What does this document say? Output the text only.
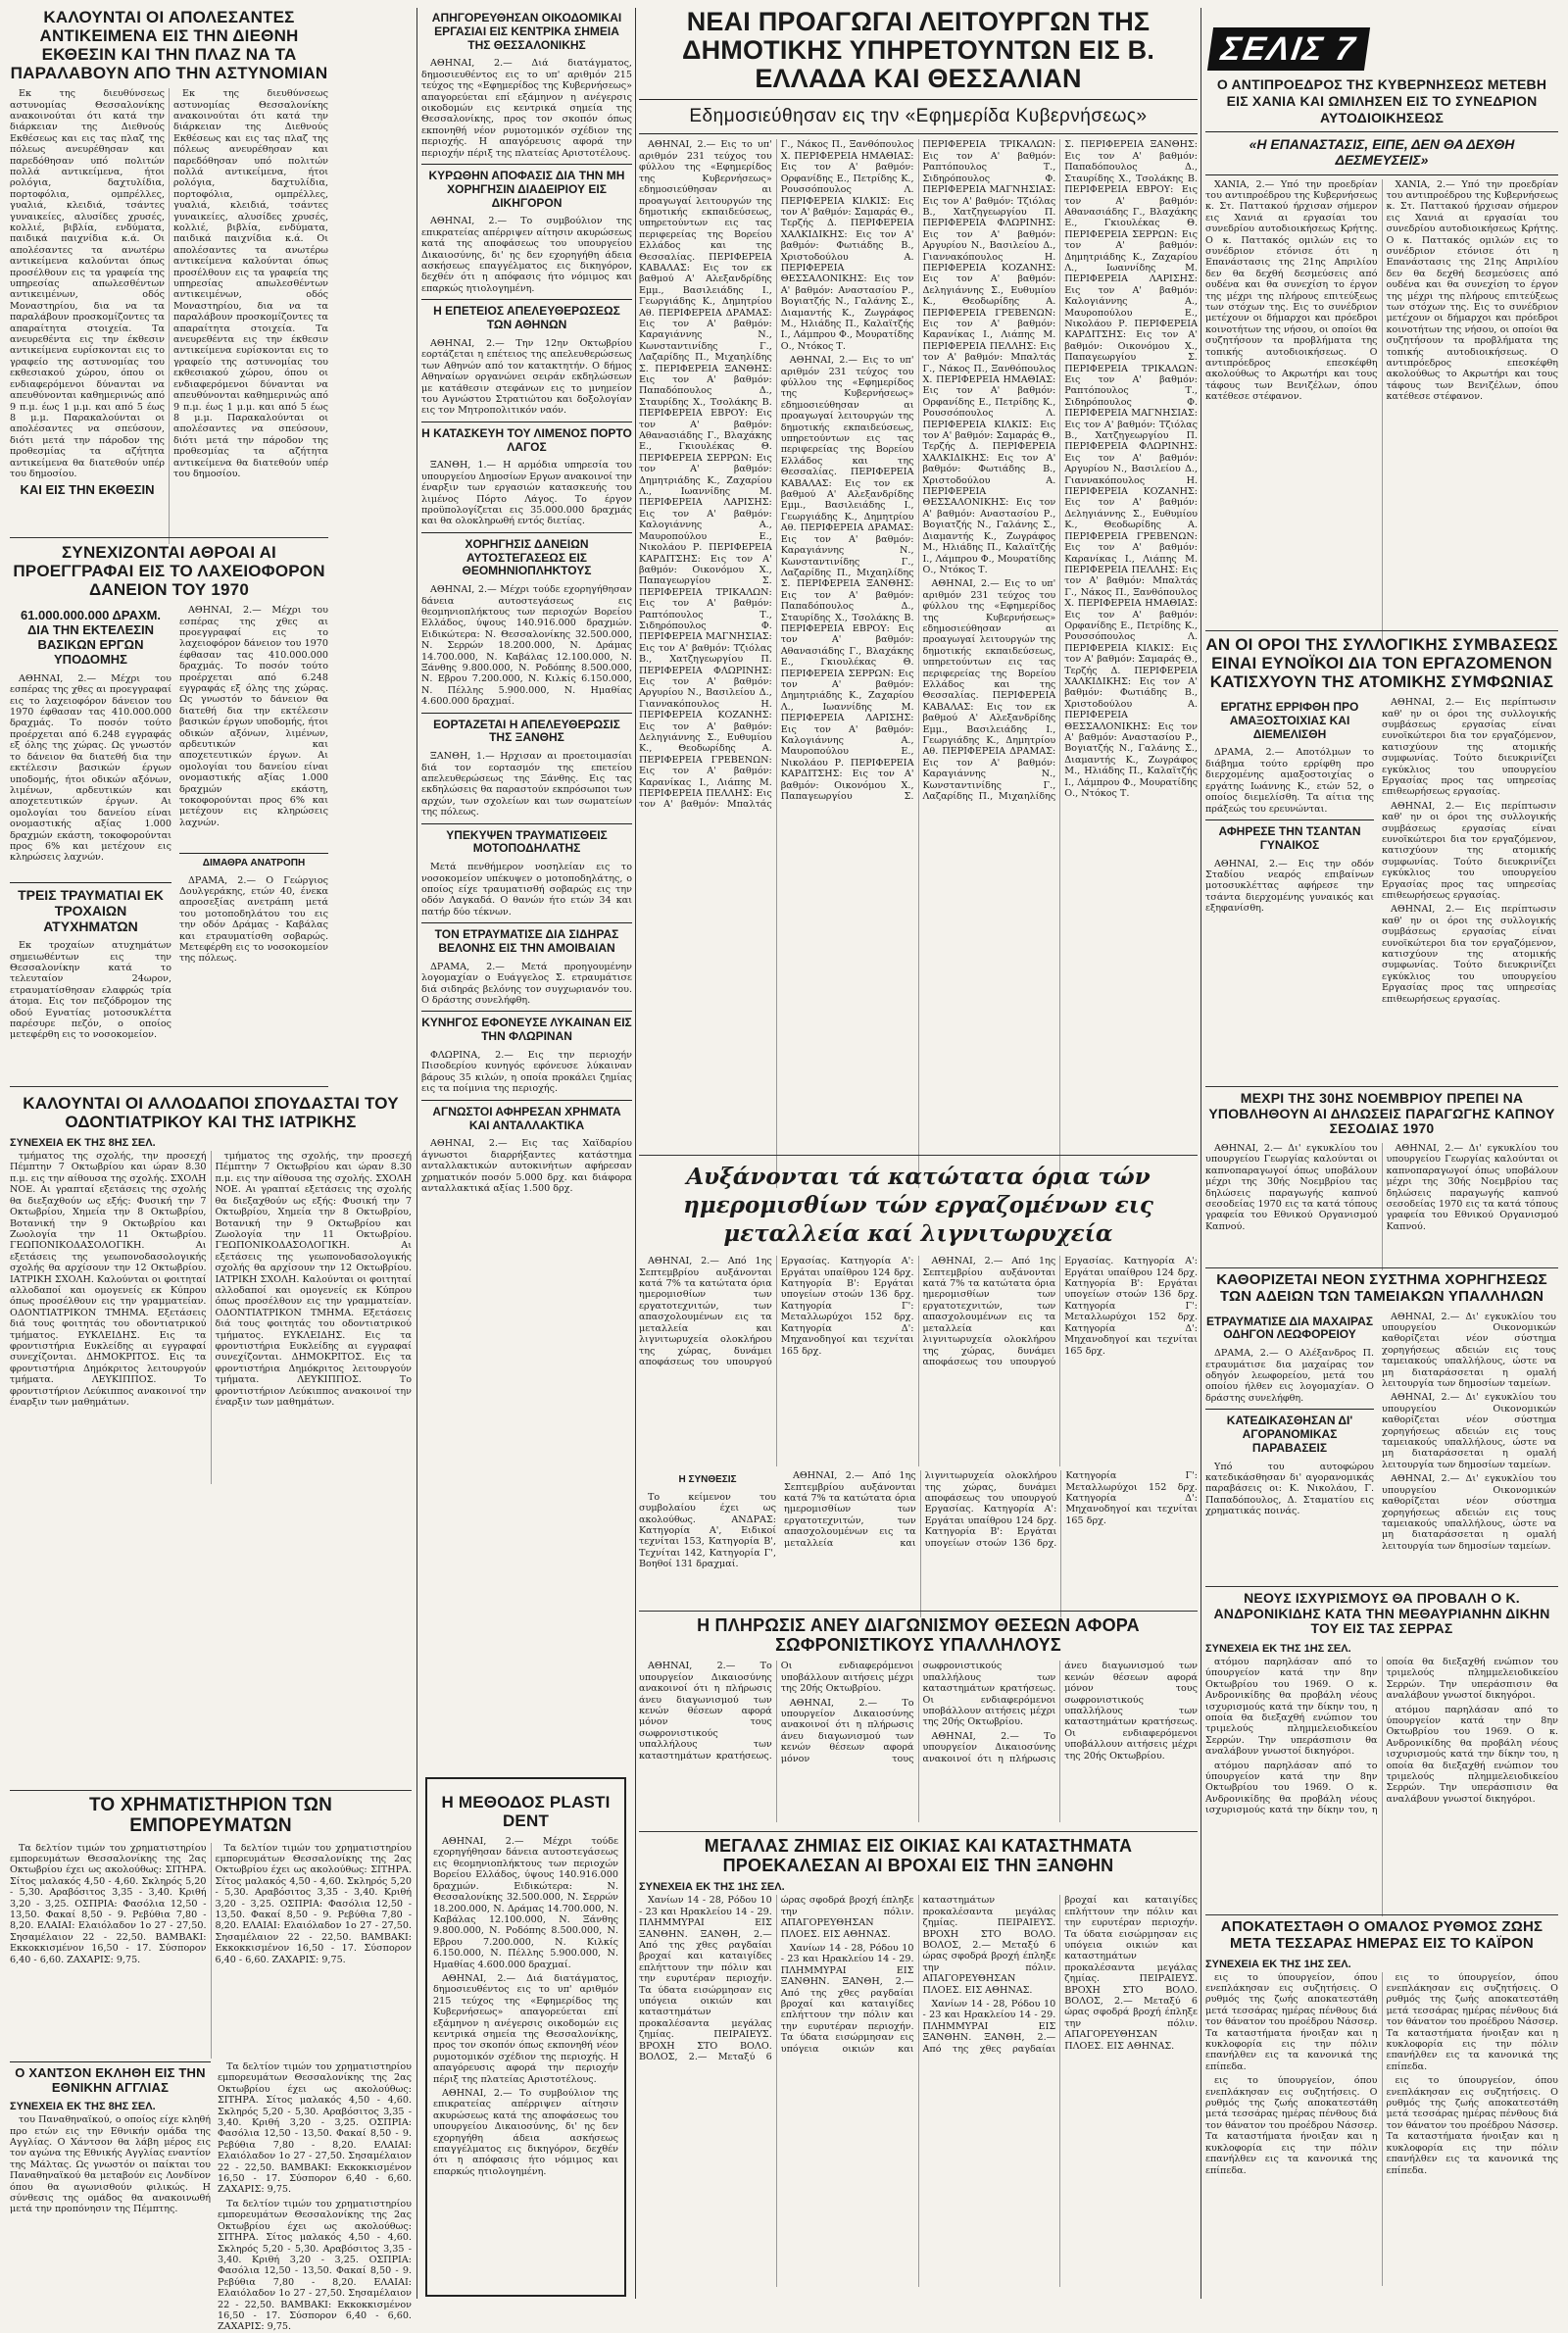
ΚΑΛΟΥΝΤΑΙ ΟΙ ΑΠΟΛΕΣΑΝΤΕΣ ΑΝΤΙΚΕΙΜΕΝΑ ΕΙΣ ΤΗΝ ΔΙΕΘΝΗ ΕΚΘΕΣΙΝ ΚΑΙ ΤΗΝ ΠΛΑΖ ΝΑ ΤΑ ΠΑΡΑΛΑΒΟΥΝ ΑΠΟ ΤΗΝ ΑΣΤΥΝΟΜΙΑΝ

Εκ της διευθύνσεως αστυνομίας Θεσσαλονίκης ανακοινούται ότι κατά την διάρκειαν της Διεθνούς Εκθέσεως και εις τας πλαζ της πόλεως ανευρέθησαν και παρεδόθησαν υπό πολιτών πολλά αντικείμενα, ήτοι ρολόγια, δαχτυλίδια, πορτοφόλια, ομπρέλλες, γυαλιά, κλειδιά, τσάντες γυναικείες, αλυσίδες χρυσές, κολλιέ, βιβλία, ενδύματα, παιδικά παιχνίδια κ.ά. Οι απολέσαντες τα ανωτέρω αντικείμενα καλούνται όπως προσέλθουν εις τα γραφεία της υπηρεσίας απωλεσθέντων αντικειμένων, οδός Μοναστηρίου, δια να τα παραλάβουν προσκομίζοντες τα απαραίτητα στοιχεία. Τα ανευρεθέντα εις την έκθεσιν αντικείμενα ευρίσκονται εις το γραφείο της αστυνομίας του εκθεσιακού χώρου, όπου οι ενδιαφερόμενοι δύνανται να απευθύνονται καθημερινώς από 9 π.μ. έως 1 μ.μ. και από 5 έως 8 μ.μ. Παρακαλούνται οι απολέσαντες να σπεύσουν, διότι μετά την πάροδον της προθεσμίας τα αζήτητα αντικείμενα θα διατεθούν υπέρ του δημοσίου.

ΚΑΙ ΕΙΣ ΤΗΝ ΕΚΘΕΣΙΝ

Εκ της διευθύνσεως αστυνομίας Θεσσαλονίκης ανακοινούται ότι κατά την διάρκειαν της Διεθνούς Εκθέσεως και εις τας πλαζ της πόλεως ανευρέθησαν και παρεδόθησαν υπό πολιτών πολλά αντικείμενα, ήτοι ρολόγια, δαχτυλίδια, πορτοφόλια, ομπρέλλες, γυαλιά, κλειδιά, τσάντες γυναικείες, αλυσίδες χρυσές, κολλιέ, βιβλία, ενδύματα, παιδικά παιχνίδια κ.ά. Οι απολέσαντες τα ανωτέρω αντικείμενα καλούνται όπως προσέλθουν εις τα γραφεία της υπηρεσίας απωλεσθέντων αντικειμένων, οδός Μοναστηρίου, δια να τα παραλάβουν προσκομίζοντες τα απαραίτητα στοιχεία. Τα ανευρεθέντα εις την έκθεσιν αντικείμενα ευρίσκονται εις το γραφείο της αστυνομίας του εκθεσιακού χώρου, όπου οι ενδιαφερόμενοι δύνανται να απευθύνονται καθημερινώς από 9 π.μ. έως 1 μ.μ. και από 5 έως 8 μ.μ. Παρακαλούνται οι απολέσαντες να σπεύσουν, διότι μετά την πάροδον της προθεσμίας τα αζήτητα αντικείμενα θα διατεθούν υπέρ του δημοσίου.

ΣΥΝΕΧΙΖΟΝΤΑΙ ΑΘΡΟΑΙ ΑΙ ΠΡΟΕΓΓΡΑΦΑΙ ΕΙΣ ΤΟ ΛΑΧΕΙΟΦΟΡΟΝ ΔΑΝΕΙΟΝ ΤΟΥ 1970
61.000.000.000 ΔΡΑΧΜ. ΔΙΑ ΤΗΝ ΕΚΤΕΛΕΣΙΝ ΒΑΣΙΚΩΝ ΕΡΓΩΝ ΥΠΟΔΟΜΗΣ

ΑΘΗΝΑΙ, 2.— Μέχρι του εσπέρας της χθες αι προεγγραφαί εις το λαχειοφόρον δάνειον του 1970 έφθασαν τας 410.000.000 δραχμάς. Το ποσόν τούτο προέρχεται από 6.248 εγγραφάς εξ όλης της χώρας. Ως γνωστόν το δάνειον θα διατεθή δια την εκτέλεσιν βασικών έργων υποδομής, ήτοι οδικών αξόνων, λιμένων, αρδευτικών και αποχετευτικών έργων. Αι ομολογίαι του δανείου είναι ονομαστικής αξίας 1.000 δραχμών εκάστη, τοκοφορούνται προς 6% και μετέχουν εις κληρώσεις λαχνών.

ΤΡΕΙΣ ΤΡΑΥΜΑΤΙΑΙ ΕΚ ΤΡΟΧΑΙΩΝ ΑΤΥΧΗΜΑΤΩΝ

Εκ τροχαίων ατυχημάτων σημειωθέντων εις την Θεσσαλονίκην κατά το τελευταίον 24ωρον, ετραυματίσθησαν ελαφρώς τρία άτομα. Εις τον πεζόδρομον της οδού Εγνατίας μοτοσυκλέττα παρέσυρε πεζόν, ο οποίος μετεφέρθη εις το νοσοκομείον.

ΑΘΗΝΑΙ, 2.— Μέχρι του εσπέρας της χθες αι προεγγραφαί εις το λαχειοφόρον δάνειον του 1970 έφθασαν τας 410.000.000 δραχμάς. Το ποσόν τούτο προέρχεται από 6.248 εγγραφάς εξ όλης της χώρας. Ως γνωστόν το δάνειον θα διατεθή δια την εκτέλεσιν βασικών έργων υποδομής, ήτοι οδικών αξόνων, λιμένων, αρδευτικών και αποχετευτικών έργων. Αι ομολογίαι του δανείου είναι ονομαστικής αξίας 1.000 δραχμών εκάστη, τοκοφορούνται προς 6% και μετέχουν εις κληρώσεις λαχνών.

ΔΙΜΑΘΡΑ ΑΝΑΤΡΟΠΗ

ΔΡΑΜΑ, 2.— Ο Γεώργιος Δουλγεράκης, ετών 40, ένεκα απροσεξίας ανετράπη μετά του μοτοποδηλάτου του εις την οδόν Δράμας - Καβάλας και ετραυματίσθη σοβαρώς. Μετεφέρθη εις το νοσοκομείον της πόλεως.

ΚΑΛΟΥΝΤΑΙ ΟΙ ΑΛΛΟΔΑΠΟΙ ΣΠΟΥΔΑΣΤΑΙ ΤΟΥ ΟΔΟΝΤΙΑΤΡΙΚΟΥ ΚΑΙ ΤΗΣ ΙΑΤΡΙΚΗΣ
ΣΥΝΕΧΕΙΑ ΕΚ ΤΗΣ 8ΗΣ ΣΕΛ.

τμήματος της σχολής, την προσεχή Πέμπτην 7 Οκτωβρίου και ώραν 8.30 π.μ. εις την αίθουσα της σχολής. ΣΧΟΛΗ ΝΟΕ. Αι γραπταί εξετάσεις της σχολής θα διεξαχθούν ως εξής: Φυσική την 7 Οκτωβρίου, Χημεία την 8 Οκτωβρίου, Βοτανική την 9 Οκτωβρίου και Ζωολογία την 11 Οκτωβρίου. ΓΕΩΠΟΝΙΚΟΔΑΣΟΛΟΓΙΚΗ. Αι εξετάσεις της γεωπονοδασολογικής σχολής θα αρχίσουν την 12 Οκτωβρίου. ΙΑΤΡΙΚΗ ΣΧΟΛΗ. Καλούνται οι φοιτηταί αλλοδαποί και ομογενείς εκ Κύπρου όπως προσέλθουν εις την γραμματείαν. ΟΔΟΝΤΙΑΤΡΙΚΟΝ ΤΜΗΜΑ. Εξετάσεις διά τους φοιτητάς του οδοντιατρικού τμήματος. ΕΥΚΛΕΙΔΗΣ. Εις τα φροντιστήρια Ευκλείδης αι εγγραφαί συνεχίζονται. ΔΗΜΟΚΡΙΤΟΣ. Εις τα φροντιστήρια Δημόκριτος λειτουργούν τμήματα. ΛΕΥΚΙΠΠΟΣ. Το φροντιστήριον Λεύκιππος ανακοινοί την έναρξιν των μαθημάτων.

τμήματος της σχολής, την προσεχή Πέμπτην 7 Οκτωβρίου και ώραν 8.30 π.μ. εις την αίθουσα της σχολής. ΣΧΟΛΗ ΝΟΕ. Αι γραπταί εξετάσεις της σχολής θα διεξαχθούν ως εξής: Φυσική την 7 Οκτωβρίου, Χημεία την 8 Οκτωβρίου, Βοτανική την 9 Οκτωβρίου και Ζωολογία την 11 Οκτωβρίου. ΓΕΩΠΟΝΙΚΟΔΑΣΟΛΟΓΙΚΗ. Αι εξετάσεις της γεωπονοδασολογικής σχολής θα αρχίσουν την 12 Οκτωβρίου. ΙΑΤΡΙΚΗ ΣΧΟΛΗ. Καλούνται οι φοιτηταί αλλοδαποί και ομογενείς εκ Κύπρου όπως προσέλθουν εις την γραμματείαν. ΟΔΟΝΤΙΑΤΡΙΚΟΝ ΤΜΗΜΑ. Εξετάσεις διά τους φοιτητάς του οδοντιατρικού τμήματος. ΕΥΚΛΕΙΔΗΣ. Εις τα φροντιστήρια Ευκλείδης αι εγγραφαί συνεχίζονται. ΔΗΜΟΚΡΙΤΟΣ. Εις τα φροντιστήρια Δημόκριτος λειτουργούν τμήματα. ΛΕΥΚΙΠΠΟΣ. Το φροντιστήριον Λεύκιππος ανακοινοί την έναρξιν των μαθημάτων.

ΤΟ ΧΡΗΜΑΤΙΣΤΗΡΙΟΝ ΤΩΝ ΕΜΠΟΡΕΥΜΑΤΩΝ

Τα δελτίον τιμών του χρηματιστηρίου εμπορευμάτων Θεσσαλονίκης της 2ας Οκτωβρίου έχει ως ακολούθως: ΣΙΤΗΡΑ. Σίτος μαλακός 4,50 - 4,60. Σκληρός 5,20 - 5,30. Αραβόσιτος 3,35 - 3,40. Κριθή 3,20 - 3,25. ΟΣΠΡΙΑ: Φασόλια 12,50 - 13,50. Φακαί 8,50 - 9. Ρεβύθια 7,80 - 8,20. ΕΛΑΙΑΙ: Ελαιόλαδον 1ο 27 - 27,50. Σησαμέλαιον 22 - 22,50. ΒΑΜΒΑΚΙ: Εκκοκκισμένον 16,50 - 17. Σύσπορον 6,40 - 6,60. ΖΑΧΑΡΙΣ: 9,75.

Τα δελτίον τιμών του χρηματιστηρίου εμπορευμάτων Θεσσαλονίκης της 2ας Οκτωβρίου έχει ως ακολούθως: ΣΙΤΗΡΑ. Σίτος μαλακός 4,50 - 4,60. Σκληρός 5,20 - 5,30. Αραβόσιτος 3,35 - 3,40. Κριθή 3,20 - 3,25. ΟΣΠΡΙΑ: Φασόλια 12,50 - 13,50. Φακαί 8,50 - 9. Ρεβύθια 7,80 - 8,20. ΕΛΑΙΑΙ: Ελαιόλαδον 1ο 27 - 27,50. Σησαμέλαιον 22 - 22,50. ΒΑΜΒΑΚΙ: Εκκοκκισμένον 16,50 - 17. Σύσπορον 6,40 - 6,60. ΖΑΧΑΡΙΣ: 9,75.

Ο ΧΑΝΤΣΟΝ ΕΚΛΗΘΗ ΕΙΣ ΤΗΝ ΕΘΝΙΚΗΝ ΑΓΓΛΙΑΣ
ΣΥΝΕΧΕΙΑ ΕΚ ΤΗΣ 8ΗΣ ΣΕΛ.

του Παναθηναϊκού, ο οποίος είχε κληθή προ ετών εις την Εθνικήν ομάδα της Αγγλίας. Ο Χάντσον θα λάβη μέρος εις τον αγώνα της Εθνικής Αγγλίας εναντίον της Μάλτας. Ως γνωστόν οι παίκται του Παναθηναϊκού θα μεταβούν εις Λονδίνον όπου θα αγωνισθούν φιλικώς. Η σύνθεσις της ομάδος θα ανακοινωθή μετά την προπόνησιν της Πέμπτης.

Τα δελτίον τιμών του χρηματιστηρίου εμπορευμάτων Θεσσαλονίκης της 2ας Οκτωβρίου έχει ως ακολούθως: ΣΙΤΗΡΑ. Σίτος μαλακός 4,50 - 4,60. Σκληρός 5,20 - 5,30. Αραβόσιτος 3,35 - 3,40. Κριθή 3,20 - 3,25. ΟΣΠΡΙΑ: Φασόλια 12,50 - 13,50. Φακαί 8,50 - 9. Ρεβύθια 7,80 - 8,20. ΕΛΑΙΑΙ: Ελαιόλαδον 1ο 27 - 27,50. Σησαμέλαιον 22 - 22,50. ΒΑΜΒΑΚΙ: Εκκοκκισμένον 16,50 - 17. Σύσπορον 6,40 - 6,60. ΖΑΧΑΡΙΣ: 9,75.

Τα δελτίον τιμών του χρηματιστηρίου εμπορευμάτων Θεσσαλονίκης της 2ας Οκτωβρίου έχει ως ακολούθως: ΣΙΤΗΡΑ. Σίτος μαλακός 4,50 - 4,60. Σκληρός 5,20 - 5,30. Αραβόσιτος 3,35 - 3,40. Κριθή 3,20 - 3,25. ΟΣΠΡΙΑ: Φασόλια 12,50 - 13,50. Φακαί 8,50 - 9. Ρεβύθια 7,80 - 8,20. ΕΛΑΙΑΙ: Ελαιόλαδον 1ο 27 - 27,50. Σησαμέλαιον 22 - 22,50. ΒΑΜΒΑΚΙ: Εκκοκκισμένον 16,50 - 17. Σύσπορον 6,40 - 6,60. ΖΑΧΑΡΙΣ: 9,75.

ΑΠΗΓΟΡΕΥΘΗΣΑΝ ΟΙΚΟΔΟΜΙΚΑΙ ΕΡΓΑΣΙΑΙ ΕΙΣ ΚΕΝΤΡΙΚΑ ΣΗΜΕΙΑ ΤΗΣ ΘΕΣΣΑΛΟΝΙΚΗΣ

ΑΘΗΝΑΙ, 2.— Διά διατάγματος, δημοσιευθέντος εις το υπ' αριθμόν 215 τεύχος της «Εφημερίδος της Κυβερνήσεως» απαγορεύεται επί εξάμηνον η ανέγερσις οικοδομών εις κεντρικά σημεία της Θεσσαλονίκης, προς τον σκοπόν όπως εκπονηθή νέον ρυμοτομικόν σχέδιον της περιοχής. Η απαγόρευσις αφορά την περιοχήν πέριξ της πλατείας Αριστοτέλους.

ΚΥΡΩΘΗΝ ΑΠΟΦΑΣΙΣ ΔΙΑ ΤΗΝ ΜΗ ΧΟΡΗΓΗΣΙΝ ΔΙΑΔΕΙΡΙΟΥ ΕΙΣ ΔΙΚΗΓΟΡΟΝ

ΑΘΗΝΑΙ, 2.— Το συμβούλιον της επικρατείας απέρριψεν αίτησιν ακυρώσεως κατά της αποφάσεως του υπουργείου Δικαιοσύνης, δι' ης δεν εχορηγήθη άδεια ασκήσεως επαγγέλματος εις δικηγόρον, δεχθέν ότι η απόφασις ήτο νόμιμος και επαρκώς ητιολογημένη.

Η ΕΠΕΤΕΙΟΣ ΑΠΕΛΕΥΘΕΡΩΣΕΩΣ ΤΩΝ ΑΘΗΝΩΝ

ΑΘΗΝΑΙ, 2.— Την 12ην Οκτωβρίου εορτάζεται η επέτειος της απελευθερώσεως των Αθηνών από τον κατακτητήν. Ο δήμος Αθηναίων οργανώνει σειράν εκδηλώσεων με κατάθεσιν στεφάνων εις το μνημείον του Αγνώστου Στρατιώτου και δοξολογίαν εις τον Μητροπολιτικόν ναόν.

Η ΚΑΤΑΣΚΕΥΗ ΤΟΥ ΛΙΜΕΝΟΣ ΠΟΡΤΟ ΛΑΓΟΣ

ΞΑΝΘΗ, 1.— Η αρμόδια υπηρεσία του υπουργείου Δημοσίων Εργων ανακοινοί την έναρξιν των εργασιών κατασκευής του λιμένος Πόρτο Λάγος. Το έργον προϋπολογίζεται εις 35.000.000 δραχμάς και θα ολοκληρωθή εντός διετίας.

ΧΟΡΗΓΗΣΙΣ ΔΑΝΕΙΩΝ ΑΥΤΟΣΤΕΓΑΣΕΩΣ ΕΙΣ ΘΕΟΜΗΝΙΟΠΛΗΚΤΟΥΣ

ΑΘΗΝΑΙ, 2.— Μέχρι τούδε εχορηγήθησαν δάνεια αυτοστεγάσεως εις θεομηνιοπλήκτους των περιοχών Βορείου Ελλάδος, ύψους 140.916.000 δραχμών. Ειδικώτερα: Ν. Θεσσαλονίκης 32.500.000, Ν. Σερρών 18.200.000, Ν. Δράμας 14.700.000, Ν. Καβάλας 12.100.000, Ν. Ξάνθης 9.800.000, Ν. Ροδόπης 8.500.000, Ν. Εβρου 7.200.000, Ν. Κιλκίς 6.150.000, Ν. Πέλλης 5.900.000, Ν. Ημαθίας 4.600.000 δραχμαί.

ΕΟΡΤΑΖΕΤΑΙ Η ΑΠΕΛΕΥΘΕΡΩΣΙΣ ΤΗΣ ΞΑΝΘΗΣ

ΞΑΝΘΗ, 1.— Ηρχισαν αι προετοιμασίαι διά τον εορτασμόν της επετείου απελευθερώσεως της Ξάνθης. Εις τας εκδηλώσεις θα παραστούν εκπρόσωποι των αρχών, των σχολείων και των σωματείων της πόλεως.

ΥΠΕΚΥΨΕΝ ΤΡΑΥΜΑΤΙΣΘΕΙΣ ΜΟΤΟΠΟΔΗΛΑΤΗΣ

Μετά πενθήμερον νοσηλείαν εις το νοσοκομείον υπέκυψεν ο μοτοποδηλάτης, ο οποίος είχε τραυματισθή σοβαρώς εις την οδόν Λαγκαδά. Ο θανών ήτο ετών 34 και πατήρ δύο τέκνων.

ΤΟΝ ΕΤΡΑΥΜΑΤΙΣΕ ΔΙΑ ΣΙΔΗΡΑΣ ΒΕΛΟΝΗΣ ΕΙΣ ΤΗΝ ΑΜΟΙΒΑΙΑΝ

ΔΡΑΜΑ, 2.— Μετά προηγουμένην λογομαχίαν ο Ευάγγελος Σ. ετραυμάτισε διά σιδηράς βελόνης τον συγχωριανόν του. Ο δράστης συνελήφθη.

ΚΥΝΗΓΟΣ ΕΦΟΝΕΥΣΕ ΛΥΚΑΙΝΑΝ ΕΙΣ ΤΗΝ ΦΛΩΡΙΝΑΝ

ΦΛΩΡΙΝΑ, 2.— Εις την περιοχήν Πισοδερίου κυνηγός εφόνευσε λύκαιναν βάρους 35 κιλών, η οποία προκάλει ζημίας εις τα ποίμνια της περιοχής.

ΑΓΝΩΣΤΟΙ ΑΦΗΡΕΣΑΝ ΧΡΗΜΑΤΑ ΚΑΙ ΑΝΤΑΛΛΑΚΤΙΚΑ

ΑΘΗΝΑΙ, 2.— Εις τας Χαϊδαρίου άγνωστοι διαρρήξαντες κατάστημα ανταλλακτικών αυτοκινήτων αφήρεσαν χρηματικόν ποσόν 5.000 δρχ. και διάφορα ανταλλακτικά αξίας 1.500 δρχ.

Η ΜΕΘΟΔΟΣ PLASTI DENT

ΑΘΗΝΑΙ, 2.— Μέχρι τούδε εχορηγήθησαν δάνεια αυτοστεγάσεως εις θεομηνιοπλήκτους των περιοχών Βορείου Ελλάδος, ύψους 140.916.000 δραχμών. Ειδικώτερα: Ν. Θεσσαλονίκης 32.500.000, Ν. Σερρών 18.200.000, Ν. Δράμας 14.700.000, Ν. Καβάλας 12.100.000, Ν. Ξάνθης 9.800.000, Ν. Ροδόπης 8.500.000, Ν. Εβρου 7.200.000, Ν. Κιλκίς 6.150.000, Ν. Πέλλης 5.900.000, Ν. Ημαθίας 4.600.000 δραχμαί.

ΑΘΗΝΑΙ, 2.— Διά διατάγματος, δημοσιευθέντος εις το υπ' αριθμόν 215 τεύχος της «Εφημερίδος της Κυβερνήσεως» απαγορεύεται επί εξάμηνον η ανέγερσις οικοδομών εις κεντρικά σημεία της Θεσσαλονίκης, προς τον σκοπόν όπως εκπονηθή νέον ρυμοτομικόν σχέδιον της περιοχής. Η απαγόρευσις αφορά την περιοχήν πέριξ της πλατείας Αριστοτέλους.

ΑΘΗΝΑΙ, 2.— Το συμβούλιον της επικρατείας απέρριψεν αίτησιν ακυρώσεως κατά της αποφάσεως του υπουργείου Δικαιοσύνης, δι' ης δεν εχορηγήθη άδεια ασκήσεως επαγγέλματος εις δικηγόρον, δεχθέν ότι η απόφασις ήτο νόμιμος και επαρκώς ητιολογημένη.

ΝΕΑΙ ΠΡΟΑΓΩΓΑΙ ΛΕΙΤΟΥΡΓΩΝ ΤΗΣ ΔΗΜΟΤΙΚΗΣ ΥΠΗΡΕΤΟΥΝΤΩΝ ΕΙΣ Β. ΕΛΛΑΔΑ ΚΑΙ ΘΕΣΣΑΛΙΑΝ
Εδημοσιεύθησαν εις την «Εφημερίδα Κυβερνήσεως»

ΑΘΗΝΑΙ, 2.— Εις το υπ' αριθμόν 231 τεύχος του φύλλου της «Εφημερίδος της Κυβερνήσεως» εδημοσιεύθησαν αι προαγωγαί λειτουργών της δημοτικής εκπαιδεύσεως, υπηρετούντων εις τας περιφερείας της Βορείου Ελλάδος και της Θεσσαλίας. ΠΕΡΙΦΕΡΕΙΑ ΚΑΒΑΛΑΣ: Εις τον εκ βαθμού Α' Αλεξανδρίδης Εμμ., Βασιλειάδης Ι., Γεωργιάδης Κ., Δημητρίου Αθ. ΠΕΡΙΦΕΡΕΙΑ ΔΡΑΜΑΣ: Εις τον Α' βαθμόν: Καραγιάννης Ν., Κωνσταντινίδης Γ., Λαζαρίδης Π., Μιχαηλίδης Σ. ΠΕΡΙΦΕΡΕΙΑ ΞΑΝΘΗΣ: Εις τον Α' βαθμόν: Παπαδόπουλος Δ., Σταυρίδης Χ., Τσολάκης Β. ΠΕΡΙΦΕΡΕΙΑ ΕΒΡΟΥ: Εις τον Α' βαθμόν: Αθανασιάδης Γ., Βλαχάκης Ε., Γκιουλέκας Θ. ΠΕΡΙΦΕΡΕΙΑ ΣΕΡΡΩΝ: Εις τον Α' βαθμόν: Δημητριάδης Κ., Ζαχαρίου Λ., Ιωαννίδης Μ. ΠΕΡΙΦΕΡΕΙΑ ΛΑΡΙΣΗΣ: Εις τον Α' βαθμόν: Καλογιάννης Α., Μαυροπούλου Ε., Νικολάου Ρ. ΠΕΡΙΦΕΡΕΙΑ ΚΑΡΔΙΤΣΗΣ: Εις τον Α' βαθμόν: Οικονόμου Χ., Παπαγεωργίου Σ. ΠΕΡΙΦΕΡΕΙΑ ΤΡΙΚΑΛΩΝ: Εις τον Α' βαθμόν: Ραπτόπουλος Τ., Σιδηρόπουλος Φ. ΠΕΡΙΦΕΡΕΙΑ ΜΑΓΝΗΣΙΑΣ: Εις τον Α' βαθμόν: Τζιόλας Β., Χατζηγεωργίου Π. ΠΕΡΙΦΕΡΕΙΑ ΦΛΩΡΙΝΗΣ: Εις τον Α' βαθμόν: Αργυρίου Ν., Βασιλείου Δ., Γιαννακόπουλος Η. ΠΕΡΙΦΕΡΕΙΑ ΚΟΖΑΝΗΣ: Εις τον Α' βαθμόν: Δεληγιάννης Σ., Ευθυμίου Κ., Θεοδωρίδης Α. ΠΕΡΙΦΕΡΕΙΑ ΓΡΕΒΕΝΩΝ: Εις τον Α' βαθμόν: Καρανίκας Ι., Λιάπης Μ. ΠΕΡΙΦΕΡΕΙΑ ΠΕΛΛΗΣ: Εις τον Α' βαθμόν: Μπαλτάς Γ., Νάκος Π., Ξανθόπουλος Χ. ΠΕΡΙΦΕΡΕΙΑ ΗΜΑΘΙΑΣ: Εις τον Α' βαθμόν: Ορφανίδης Ε., Πετρίδης Κ., Ρουσσόπουλος Λ. ΠΕΡΙΦΕΡΕΙΑ ΚΙΛΚΙΣ: Εις τον Α' βαθμόν: Σαμαράς Θ., Τερζής Δ. ΠΕΡΙΦΕΡΕΙΑ ΧΑΛΚΙΔΙΚΗΣ: Εις τον Α' βαθμόν: Φωτιάδης Β., Χριστοδούλου Α. ΠΕΡΙΦΕΡΕΙΑ ΘΕΣΣΑΛΟΝΙΚΗΣ: Εις τον Α' βαθμόν: Αναστασίου Ρ., Βογιατζής Ν., Γαλάνης Σ., Διαμαντής Κ., Ζωγράφος Μ., Ηλιάδης Π., Καλαϊτζής Ι., Λάμπρου Φ., Μουρατίδης Ο., Ντόκος Τ.

ΑΘΗΝΑΙ, 2.— Εις το υπ' αριθμόν 231 τεύχος του φύλλου της «Εφημερίδος της Κυβερνήσεως» εδημοσιεύθησαν αι προαγωγαί λειτουργών της δημοτικής εκπαιδεύσεως, υπηρετούντων εις τας περιφερείας της Βορείου Ελλάδος και της Θεσσαλίας. ΠΕΡΙΦΕΡΕΙΑ ΚΑΒΑΛΑΣ: Εις τον εκ βαθμού Α' Αλεξανδρίδης Εμμ., Βασιλειάδης Ι., Γεωργιάδης Κ., Δημητρίου Αθ. ΠΕΡΙΦΕΡΕΙΑ ΔΡΑΜΑΣ: Εις τον Α' βαθμόν: Καραγιάννης Ν., Κωνσταντινίδης Γ., Λαζαρίδης Π., Μιχαηλίδης Σ. ΠΕΡΙΦΕΡΕΙΑ ΞΑΝΘΗΣ: Εις τον Α' βαθμόν: Παπαδόπουλος Δ., Σταυρίδης Χ., Τσολάκης Β. ΠΕΡΙΦΕΡΕΙΑ ΕΒΡΟΥ: Εις τον Α' βαθμόν: Αθανασιάδης Γ., Βλαχάκης Ε., Γκιουλέκας Θ. ΠΕΡΙΦΕΡΕΙΑ ΣΕΡΡΩΝ: Εις τον Α' βαθμόν: Δημητριάδης Κ., Ζαχαρίου Λ., Ιωαννίδης Μ. ΠΕΡΙΦΕΡΕΙΑ ΛΑΡΙΣΗΣ: Εις τον Α' βαθμόν: Καλογιάννης Α., Μαυροπούλου Ε., Νικολάου Ρ. ΠΕΡΙΦΕΡΕΙΑ ΚΑΡΔΙΤΣΗΣ: Εις τον Α' βαθμόν: Οικονόμου Χ., Παπαγεωργίου Σ. ΠΕΡΙΦΕΡΕΙΑ ΤΡΙΚΑΛΩΝ: Εις τον Α' βαθμόν: Ραπτόπουλος Τ., Σιδηρόπουλος Φ. ΠΕΡΙΦΕΡΕΙΑ ΜΑΓΝΗΣΙΑΣ: Εις τον Α' βαθμόν: Τζιόλας Β., Χατζηγεωργίου Π. ΠΕΡΙΦΕΡΕΙΑ ΦΛΩΡΙΝΗΣ: Εις τον Α' βαθμόν: Αργυρίου Ν., Βασιλείου Δ., Γιαννακόπουλος Η. ΠΕΡΙΦΕΡΕΙΑ ΚΟΖΑΝΗΣ: Εις τον Α' βαθμόν: Δεληγιάννης Σ., Ευθυμίου Κ., Θεοδωρίδης Α. ΠΕΡΙΦΕΡΕΙΑ ΓΡΕΒΕΝΩΝ: Εις τον Α' βαθμόν: Καρανίκας Ι., Λιάπης Μ. ΠΕΡΙΦΕΡΕΙΑ ΠΕΛΛΗΣ: Εις τον Α' βαθμόν: Μπαλτάς Γ., Νάκος Π., Ξανθόπουλος Χ. ΠΕΡΙΦΕΡΕΙΑ ΗΜΑΘΙΑΣ: Εις τον Α' βαθμόν: Ορφανίδης Ε., Πετρίδης Κ., Ρουσσόπουλος Λ. ΠΕΡΙΦΕΡΕΙΑ ΚΙΛΚΙΣ: Εις τον Α' βαθμόν: Σαμαράς Θ., Τερζής Δ. ΠΕΡΙΦΕΡΕΙΑ ΧΑΛΚΙΔΙΚΗΣ: Εις τον Α' βαθμόν: Φωτιάδης Β., Χριστοδούλου Α. ΠΕΡΙΦΕΡΕΙΑ ΘΕΣΣΑΛΟΝΙΚΗΣ: Εις τον Α' βαθμόν: Αναστασίου Ρ., Βογιατζής Ν., Γαλάνης Σ., Διαμαντής Κ., Ζωγράφος Μ., Ηλιάδης Π., Καλαϊτζής Ι., Λάμπρου Φ., Μουρατίδης Ο., Ντόκος Τ.

ΑΘΗΝΑΙ, 2.— Εις το υπ' αριθμόν 231 τεύχος του φύλλου της «Εφημερίδος της Κυβερνήσεως» εδημοσιεύθησαν αι προαγωγαί λειτουργών της δημοτικής εκπαιδεύσεως, υπηρετούντων εις τας περιφερείας της Βορείου Ελλάδος και της Θεσσαλίας. ΠΕΡΙΦΕΡΕΙΑ ΚΑΒΑΛΑΣ: Εις τον εκ βαθμού Α' Αλεξανδρίδης Εμμ., Βασιλειάδης Ι., Γεωργιάδης Κ., Δημητρίου Αθ. ΠΕΡΙΦΕΡΕΙΑ ΔΡΑΜΑΣ: Εις τον Α' βαθμόν: Καραγιάννης Ν., Κωνσταντινίδης Γ., Λαζαρίδης Π., Μιχαηλίδης Σ. ΠΕΡΙΦΕΡΕΙΑ ΞΑΝΘΗΣ: Εις τον Α' βαθμόν: Παπαδόπουλος Δ., Σταυρίδης Χ., Τσολάκης Β. ΠΕΡΙΦΕΡΕΙΑ ΕΒΡΟΥ: Εις τον Α' βαθμόν: Αθανασιάδης Γ., Βλαχάκης Ε., Γκιουλέκας Θ. ΠΕΡΙΦΕΡΕΙΑ ΣΕΡΡΩΝ: Εις τον Α' βαθμόν: Δημητριάδης Κ., Ζαχαρίου Λ., Ιωαννίδης Μ. ΠΕΡΙΦΕΡΕΙΑ ΛΑΡΙΣΗΣ: Εις τον Α' βαθμόν: Καλογιάννης Α., Μαυροπούλου Ε., Νικολάου Ρ. ΠΕΡΙΦΕΡΕΙΑ ΚΑΡΔΙΤΣΗΣ: Εις τον Α' βαθμόν: Οικονόμου Χ., Παπαγεωργίου Σ. ΠΕΡΙΦΕΡΕΙΑ ΤΡΙΚΑΛΩΝ: Εις τον Α' βαθμόν: Ραπτόπουλος Τ., Σιδηρόπουλος Φ. ΠΕΡΙΦΕΡΕΙΑ ΜΑΓΝΗΣΙΑΣ: Εις τον Α' βαθμόν: Τζιόλας Β., Χατζηγεωργίου Π. ΠΕΡΙΦΕΡΕΙΑ ΦΛΩΡΙΝΗΣ: Εις τον Α' βαθμόν: Αργυρίου Ν., Βασιλείου Δ., Γιαννακόπουλος Η. ΠΕΡΙΦΕΡΕΙΑ ΚΟΖΑΝΗΣ: Εις τον Α' βαθμόν: Δεληγιάννης Σ., Ευθυμίου Κ., Θεοδωρίδης Α. ΠΕΡΙΦΕΡΕΙΑ ΓΡΕΒΕΝΩΝ: Εις τον Α' βαθμόν: Καρανίκας Ι., Λιάπης Μ. ΠΕΡΙΦΕΡΕΙΑ ΠΕΛΛΗΣ: Εις τον Α' βαθμόν: Μπαλτάς Γ., Νάκος Π., Ξανθόπουλος Χ. ΠΕΡΙΦΕΡΕΙΑ ΗΜΑΘΙΑΣ: Εις τον Α' βαθμόν: Ορφανίδης Ε., Πετρίδης Κ., Ρουσσόπουλος Λ. ΠΕΡΙΦΕΡΕΙΑ ΚΙΛΚΙΣ: Εις τον Α' βαθμόν: Σαμαράς Θ., Τερζής Δ. ΠΕΡΙΦΕΡΕΙΑ ΧΑΛΚΙΔΙΚΗΣ: Εις τον Α' βαθμόν: Φωτιάδης Β., Χριστοδούλου Α. ΠΕΡΙΦΕΡΕΙΑ ΘΕΣΣΑΛΟΝΙΚΗΣ: Εις τον Α' βαθμόν: Αναστασίου Ρ., Βογιατζής Ν., Γαλάνης Σ., Διαμαντής Κ., Ζωγράφος Μ., Ηλιάδης Π., Καλαϊτζής Ι., Λάμπρου Φ., Μουρατίδης Ο., Ντόκος Τ.

Αυξάνονται τά κατώτατα όρια τών ημερομισθίων τών εργαζομένων εις μεταλλεία καί λιγνιτωρυχεία

ΑΘΗΝΑΙ, 2.— Από 1ης Σεπτεμβρίου αυξάνονται κατά 7% τα κατώτατα όρια ημερομισθίων των εργατοτεχνιτών, των απασχολουμένων εις τα μεταλλεία και λιγνιτωρυχεία ολοκλήρου της χώρας, δυνάμει αποφάσεως του υπουργού Εργασίας. Κατηγορία Α': Εργάται υπαίθρου 124 δρχ. Κατηγορία Β': Εργάται υπογείων στοών 136 δρχ. Κατηγορία Γ': Μεταλλωρύχοι 152 δρχ. Κατηγορία Δ': Μηχανοδηγοί και τεχνίται 165 δρχ.

ΑΘΗΝΑΙ, 2.— Από 1ης Σεπτεμβρίου αυξάνονται κατά 7% τα κατώτατα όρια ημερομισθίων των εργατοτεχνιτών, των απασχολουμένων εις τα μεταλλεία και λιγνιτωρυχεία ολοκλήρου της χώρας, δυνάμει αποφάσεως του υπουργού Εργασίας. Κατηγορία Α': Εργάται υπαίθρου 124 δρχ. Κατηγορία Β': Εργάται υπογείων στοών 136 δρχ. Κατηγορία Γ': Μεταλλωρύχοι 152 δρχ. Κατηγορία Δ': Μηχανοδηγοί και τεχνίται 165 δρχ.

Η ΣΥΝΘΕΣΙΣ

Το κείμενον του συμβολαίου έχει ως ακολούθως. ΑΝΔΡΑΣ: Κατηγορία Α', Ειδικοί τεχνίται 153, Κατηγορία Β', Τεχνίται 142, Κατηγορία Γ', Βοηθοί 131 δραχμαί.

ΑΘΗΝΑΙ, 2.— Από 1ης Σεπτεμβρίου αυξάνονται κατά 7% τα κατώτατα όρια ημερομισθίων των εργατοτεχνιτών, των απασχολουμένων εις τα μεταλλεία και λιγνιτωρυχεία ολοκλήρου της χώρας, δυνάμει αποφάσεως του υπουργού Εργασίας. Κατηγορία Α': Εργάται υπαίθρου 124 δρχ. Κατηγορία Β': Εργάται υπογείων στοών 136 δρχ. Κατηγορία Γ': Μεταλλωρύχοι 152 δρχ. Κατηγορία Δ': Μηχανοδηγοί και τεχνίται 165 δρχ.

Η ΠΛΗΡΩΣΙΣ ΑΝΕΥ ΔΙΑΓΩΝΙΣΜΟΥ ΘΕΣΕΩΝ ΑΦΟΡΑ ΣΩΦΡΟΝΙΣΤΙΚΟΥΣ ΥΠΑΛΛΗΛΟΥΣ

ΑΘΗΝΑΙ, 2.— Το υπουργείον Δικαιοσύνης ανακοινοί ότι η πλήρωσις άνευ διαγωνισμού των κενών θέσεων αφορά μόνον τους σωφρονιστικούς υπαλλήλους των καταστημάτων κρατήσεως. Οι ενδιαφερόμενοι υποβάλλουν αιτήσεις μέχρι της 20ής Οκτωβρίου.

ΑΘΗΝΑΙ, 2.— Το υπουργείον Δικαιοσύνης ανακοινοί ότι η πλήρωσις άνευ διαγωνισμού των κενών θέσεων αφορά μόνον τους σωφρονιστικούς υπαλλήλους των καταστημάτων κρατήσεως. Οι ενδιαφερόμενοι υποβάλλουν αιτήσεις μέχρι της 20ής Οκτωβρίου.

ΑΘΗΝΑΙ, 2.— Το υπουργείον Δικαιοσύνης ανακοινοί ότι η πλήρωσις άνευ διαγωνισμού των κενών θέσεων αφορά μόνον τους σωφρονιστικούς υπαλλήλους των καταστημάτων κρατήσεως. Οι ενδιαφερόμενοι υποβάλλουν αιτήσεις μέχρι της 20ής Οκτωβρίου.

ΜΕΓΑΛΑΣ ΖΗΜΙΑΣ ΕΙΣ ΟΙΚΙΑΣ ΚΑΙ ΚΑΤΑΣΤΗΜΑΤΑ ΠΡΟΕΚΑΛΕΣΑΝ ΑΙ ΒΡΟΧΑΙ ΕΙΣ ΤΗΝ ΞΑΝΘΗΝ
ΣΥΝΕΧΕΙΑ ΕΚ ΤΗΣ 1ΗΣ ΣΕΛ.

Χανίων 14 - 28, Ρόδου 10 - 23 και Ηρακλείου 14 - 29. ΠΛΗΜΜΥΡΑΙ ΕΙΣ ΞΑΝΘΗΝ. ΞΑΝΘΗ, 2.— Από της χθες ραγδαίαι βροχαί και καταιγίδες επλήττουν την πόλιν και την ευρυτέραν περιοχήν. Τα ύδατα εισώρμησαν εις υπόγεια οικιών και καταστημάτων προκαλέσαντα μεγάλας ζημίας. ΠΕΙΡΑΙΕΥΣ. ΒΡΟΧΗ ΣΤΟ ΒΟΛΟ. ΒΟΛΟΣ, 2.— Μεταξύ 6 ώρας σφοδρά βροχή έπληξε την πόλιν. ΑΠΑΓΟΡΕΥΘΗΣΑΝ ΠΛΟΕΣ. ΕΙΣ ΑΘΗΝΑΣ.

Χανίων 14 - 28, Ρόδου 10 - 23 και Ηρακλείου 14 - 29. ΠΛΗΜΜΥΡΑΙ ΕΙΣ ΞΑΝΘΗΝ. ΞΑΝΘΗ, 2.— Από της χθες ραγδαίαι βροχαί και καταιγίδες επλήττουν την πόλιν και την ευρυτέραν περιοχήν. Τα ύδατα εισώρμησαν εις υπόγεια οικιών και καταστημάτων προκαλέσαντα μεγάλας ζημίας. ΠΕΙΡΑΙΕΥΣ. ΒΡΟΧΗ ΣΤΟ ΒΟΛΟ. ΒΟΛΟΣ, 2.— Μεταξύ 6 ώρας σφοδρά βροχή έπληξε την πόλιν. ΑΠΑΓΟΡΕΥΘΗΣΑΝ ΠΛΟΕΣ. ΕΙΣ ΑΘΗΝΑΣ.

Χανίων 14 - 28, Ρόδου 10 - 23 και Ηρακλείου 14 - 29. ΠΛΗΜΜΥΡΑΙ ΕΙΣ ΞΑΝΘΗΝ. ΞΑΝΘΗ, 2.— Από της χθες ραγδαίαι βροχαί και καταιγίδες επλήττουν την πόλιν και την ευρυτέραν περιοχήν. Τα ύδατα εισώρμησαν εις υπόγεια οικιών και καταστημάτων προκαλέσαντα μεγάλας ζημίας. ΠΕΙΡΑΙΕΥΣ. ΒΡΟΧΗ ΣΤΟ ΒΟΛΟ. ΒΟΛΟΣ, 2.— Μεταξύ 6 ώρας σφοδρά βροχή έπληξε την πόλιν. ΑΠΑΓΟΡΕΥΘΗΣΑΝ ΠΛΟΕΣ. ΕΙΣ ΑΘΗΝΑΣ.

ΣΕΛΙΣ 7
Ο ΑΝΤΙΠΡΟΕΔΡΟΣ ΤΗΣ ΚΥΒΕΡΝΗΣΕΩΣ ΜΕΤΕΒΗ ΕΙΣ ΧΑΝΙΑ ΚΑΙ ΩΜΙΛΗΣΕΝ ΕΙΣ ΤΟ ΣΥΝΕΔΡΙΟΝ ΑΥΤΟΔΙΟΙΚΗΣΕΩΣ
«Η ΕΠΑΝΑΣΤΑΣΙΣ, ΕΙΠΕ, ΔΕΝ ΘΑ ΔΕΧΘΗ ΔΕΣΜΕΥΣΕΙΣ»

ΧΑΝΙΑ, 2.— Υπό την προεδρίαν του αντιπροέδρου της Κυβερνήσεως κ. Στ. Παττακού ήρχισαν σήμερον εις Χανιά αι εργασίαι του συνεδρίου αυτοδιοικήσεως Κρήτης. Ο κ. Παττακός ομιλών εις το συνέδριον ετόνισε ότι η Επανάστασις της 21ης Απριλίου δεν θα δεχθή δεσμεύσεις από ουδένα και θα συνεχίση το έργον της μέχρι της πλήρους επιτεύξεως των στόχων της. Εις το συνέδριον μετέχουν οι δήμαρχοι και πρόεδροι κοινοτήτων της νήσου, οι οποίοι θα συζητήσουν τα προβλήματα της τοπικής αυτοδιοικήσεως. Ο αντιπρόεδρος επεσκέφθη ακολούθως το Ακρωτήρι και τους τάφους των Βενιζέλων, όπου κατέθεσε στέφανον.

ΧΑΝΙΑ, 2.— Υπό την προεδρίαν του αντιπροέδρου της Κυβερνήσεως κ. Στ. Παττακού ήρχισαν σήμερον εις Χανιά αι εργασίαι του συνεδρίου αυτοδιοικήσεως Κρήτης. Ο κ. Παττακός ομιλών εις το συνέδριον ετόνισε ότι η Επανάστασις της 21ης Απριλίου δεν θα δεχθή δεσμεύσεις από ουδένα και θα συνεχίση το έργον της μέχρι της πλήρους επιτεύξεως των στόχων της. Εις το συνέδριον μετέχουν οι δήμαρχοι και πρόεδροι κοινοτήτων της νήσου, οι οποίοι θα συζητήσουν τα προβλήματα της τοπικής αυτοδιοικήσεως. Ο αντιπρόεδρος επεσκέφθη ακολούθως το Ακρωτήρι και τους τάφους των Βενιζέλων, όπου κατέθεσε στέφανον.

ΑΝ ΟΙ ΟΡΟΙ ΤΗΣ ΣΥΛΛΟΓΙΚΗΣ ΣΥΜΒΑΣΕΩΣ ΕΙΝΑΙ ΕΥΝΟΪΚΟΙ ΔΙΑ ΤΟΝ ΕΡΓΑΖΟΜΕΝΟΝ ΚΑΤΙΣΧΥΟΥΝ ΤΗΣ ΑΤΟΜΙΚΗΣ ΣΥΜΦΩΝΙΑΣ
ΕΡΓΑΤΗΣ ΕΡΡΙΦΘΗ ΠΡΟ ΑΜΑΞΟΣΤΟΙΧΙΑΣ ΚΑΙ ΔΙΕΜΕΛΙΣΘΗ

ΔΡΑΜΑ, 2.— Αποτόλμων το διάβημα τούτο ερρίφθη προ διερχομένης αμαξοστοιχίας ο εργάτης Ιωάννης Κ., ετών 52, ο οποίος διεμελίσθη. Τα αίτια της πράξεώς του ερευνώνται.

ΑΦΗΡΕΣΕ ΤΗΝ ΤΣΑΝΤΑΝ ΓΥΝΑΙΚΟΣ

ΑΘΗΝΑΙ, 2.— Εις την οδόν Σταδίου νεαρός επιβαίνων μοτοσυκλέττας αφήρεσε την τσάντα διερχομένης γυναικός και εξηφανίσθη.

ΑΘΗΝΑΙ, 2.— Εις περίπτωσιν καθ' ην οι όροι της συλλογικής συμβάσεως εργασίας είναι ευνοϊκώτεροι δια τον εργαζόμενον, κατισχύουν της ατομικής συμφωνίας. Τούτο διευκρινίζει εγκύκλιος του υπουργείου Εργασίας προς τας υπηρεσίας επιθεωρήσεως εργασίας.

ΑΘΗΝΑΙ, 2.— Εις περίπτωσιν καθ' ην οι όροι της συλλογικής συμβάσεως εργασίας είναι ευνοϊκώτεροι δια τον εργαζόμενον, κατισχύουν της ατομικής συμφωνίας. Τούτο διευκρινίζει εγκύκλιος του υπουργείου Εργασίας προς τας υπηρεσίας επιθεωρήσεως εργασίας.

ΑΘΗΝΑΙ, 2.— Εις περίπτωσιν καθ' ην οι όροι της συλλογικής συμβάσεως εργασίας είναι ευνοϊκώτεροι δια τον εργαζόμενον, κατισχύουν της ατομικής συμφωνίας. Τούτο διευκρινίζει εγκύκλιος του υπουργείου Εργασίας προς τας υπηρεσίας επιθεωρήσεως εργασίας.

ΜΕΧΡΙ ΤΗΣ 30ΗΣ ΝΟΕΜΒΡΙΟΥ ΠΡΕΠΕΙ ΝΑ ΥΠΟΒΛΗΘΟΥΝ ΑΙ ΔΗΛΩΣΕΙΣ ΠΑΡΑΓΩΓΗΣ ΚΑΠΝΟΥ ΣΕΣΟΔΙΑΣ 1970

ΑΘΗΝΑΙ, 2.— Δι' εγκυκλίου του υπουργείου Γεωργίας καλούνται οι καπνοπαραγωγοί όπως υποβάλουν μέχρι της 30ής Νοεμβρίου τας δηλώσεις παραγωγής καπνού σεσοδείας 1970 εις τα κατά τόπους γραφεία του Εθνικού Οργανισμού Καπνού.

ΑΘΗΝΑΙ, 2.— Δι' εγκυκλίου του υπουργείου Γεωργίας καλούνται οι καπνοπαραγωγοί όπως υποβάλουν μέχρι της 30ής Νοεμβρίου τας δηλώσεις παραγωγής καπνού σεσοδείας 1970 εις τα κατά τόπους γραφεία του Εθνικού Οργανισμού Καπνού.

ΚΑΘΟΡΙΖΕΤΑΙ ΝΕΟΝ ΣΥΣΤΗΜΑ ΧΟΡΗΓΗΣΕΩΣ ΤΩΝ ΑΔΕΙΩΝ ΤΩΝ ΤΑΜΕΙΑΚΩΝ ΥΠΑΛΛΗΛΩΝ
ΕΤΡΑΥΜΑΤΙΣΕ ΔΙΑ ΜΑΧΑΙΡΑΣ ΟΔΗΓΟΝ ΛΕΩΦΟΡΕΙΟΥ

ΔΡΑΜΑ, 2.— Ο Αλέξανδρος Π. ετραυμάτισε δια μαχαίρας τον οδηγόν λεωφορείου, μετά του οποίου ήλθεν εις λογομαχίαν. Ο δράστης συνελήφθη.

ΚΑΤΕΔΙΚΑΣΘΗΣΑΝ ΔΙ' ΑΓΟΡΑΝΟΜΙΚΑΣ ΠΑΡΑΒΑΣΕΙΣ

Υπό του αυτοφώρου κατεδικάσθησαν δι' αγορανομικάς παραβάσεις οι: Κ. Νικολάου, Γ. Παπαδόπουλος, Δ. Σταματίου εις χρηματικάς ποινάς.

ΑΘΗΝΑΙ, 2.— Δι' εγκυκλίου του υπουργείου Οικονομικών καθορίζεται νέον σύστημα χορηγήσεως αδειών εις τους ταμειακούς υπαλλήλους, ώστε να μη διαταράσσεται η ομαλή λειτουργία των δημοσίων ταμείων.

ΑΘΗΝΑΙ, 2.— Δι' εγκυκλίου του υπουργείου Οικονομικών καθορίζεται νέον σύστημα χορηγήσεως αδειών εις τους ταμειακούς υπαλλήλους, ώστε να μη διαταράσσεται η ομαλή λειτουργία των δημοσίων ταμείων.

ΑΘΗΝΑΙ, 2.— Δι' εγκυκλίου του υπουργείου Οικονομικών καθορίζεται νέον σύστημα χορηγήσεως αδειών εις τους ταμειακούς υπαλλήλους, ώστε να μη διαταράσσεται η ομαλή λειτουργία των δημοσίων ταμείων.

ΝΕΟΥΣ ΙΣΧΥΡΙΣΜΟΥΣ ΘΑ ΠΡΟΒΑΛΗ Ο Κ. ΑΝΔΡΟΝΙΚΙΔΗΣ ΚΑΤΑ ΤΗΝ ΜΕΘΑΥΡΙΑΝΗΝ ΔΙΚΗΝ ΤΟΥ ΕΙΣ ΤΑΣ ΣΕΡΡΑΣ
ΣΥΝΕΧΕΙΑ ΕΚ ΤΗΣ 1ΗΣ ΣΕΛ.

ατόμου παρηλάσαν από το ύπουργείον κατά την 8ην Οκτωβρίου του 1969. Ο κ. Ανδρονικίδης θα προβάλη νέους ισχυρισμούς κατά την δίκην του, η οποία θα διεξαχθή ενώπιον του τριμελούς πλημμελειοδικείου Σερρών. Την υπεράσπισιν θα αναλάβουν γνωστοί δικηγόροι.

ατόμου παρηλάσαν από το ύπουργείον κατά την 8ην Οκτωβρίου του 1969. Ο κ. Ανδρονικίδης θα προβάλη νέους ισχυρισμούς κατά την δίκην του, η οποία θα διεξαχθή ενώπιον του τριμελούς πλημμελειοδικείου Σερρών. Την υπεράσπισιν θα αναλάβουν γνωστοί δικηγόροι.

ατόμου παρηλάσαν από το ύπουργείον κατά την 8ην Οκτωβρίου του 1969. Ο κ. Ανδρονικίδης θα προβάλη νέους ισχυρισμούς κατά την δίκην του, η οποία θα διεξαχθή ενώπιον του τριμελούς πλημμελειοδικείου Σερρών. Την υπεράσπισιν θα αναλάβουν γνωστοί δικηγόροι.

ΑΠΟΚΑΤΕΣΤΑΘΗ Ο ΟΜΑΛΟΣ ΡΥΘΜΟΣ ΖΩΗΣ ΜΕΤΑ ΤΕΣΣΑΡΑΣ ΗΜΕΡΑΣ ΕΙΣ ΤΟ ΚΑΪΡΟΝ
ΣΥΝΕΧΕΙΑ ΕΚ ΤΗΣ 1ΗΣ ΣΕΛ.

εις το ύπουργείον, όπου ενεπλάκησαν εις συζητήσεις. Ο ρυθμός της ζωής αποκατεστάθη μετά τεσσάρας ημέρας πένθους διά τον θάνατον του προέδρου Νάσσερ. Τα καταστήματα ήνοιξαν και η κυκλοφορία εις την πόλιν επανήλθεν εις τα κανονικά της επίπεδα.

εις το ύπουργείον, όπου ενεπλάκησαν εις συζητήσεις. Ο ρυθμός της ζωής αποκατεστάθη μετά τεσσάρας ημέρας πένθους διά τον θάνατον του προέδρου Νάσσερ. Τα καταστήματα ήνοιξαν και η κυκλοφορία εις την πόλιν επανήλθεν εις τα κανονικά της επίπεδα.

εις το ύπουργείον, όπου ενεπλάκησαν εις συζητήσεις. Ο ρυθμός της ζωής αποκατεστάθη μετά τεσσάρας ημέρας πένθους διά τον θάνατον του προέδρου Νάσσερ. Τα καταστήματα ήνοιξαν και η κυκλοφορία εις την πόλιν επανήλθεν εις τα κανονικά της επίπεδα.

εις το ύπουργείον, όπου ενεπλάκησαν εις συζητήσεις. Ο ρυθμός της ζωής αποκατεστάθη μετά τεσσάρας ημέρας πένθους διά τον θάνατον του προέδρου Νάσσερ. Τα καταστήματα ήνοιξαν και η κυκλοφορία εις την πόλιν επανήλθεν εις τα κανονικά της επίπεδα.
